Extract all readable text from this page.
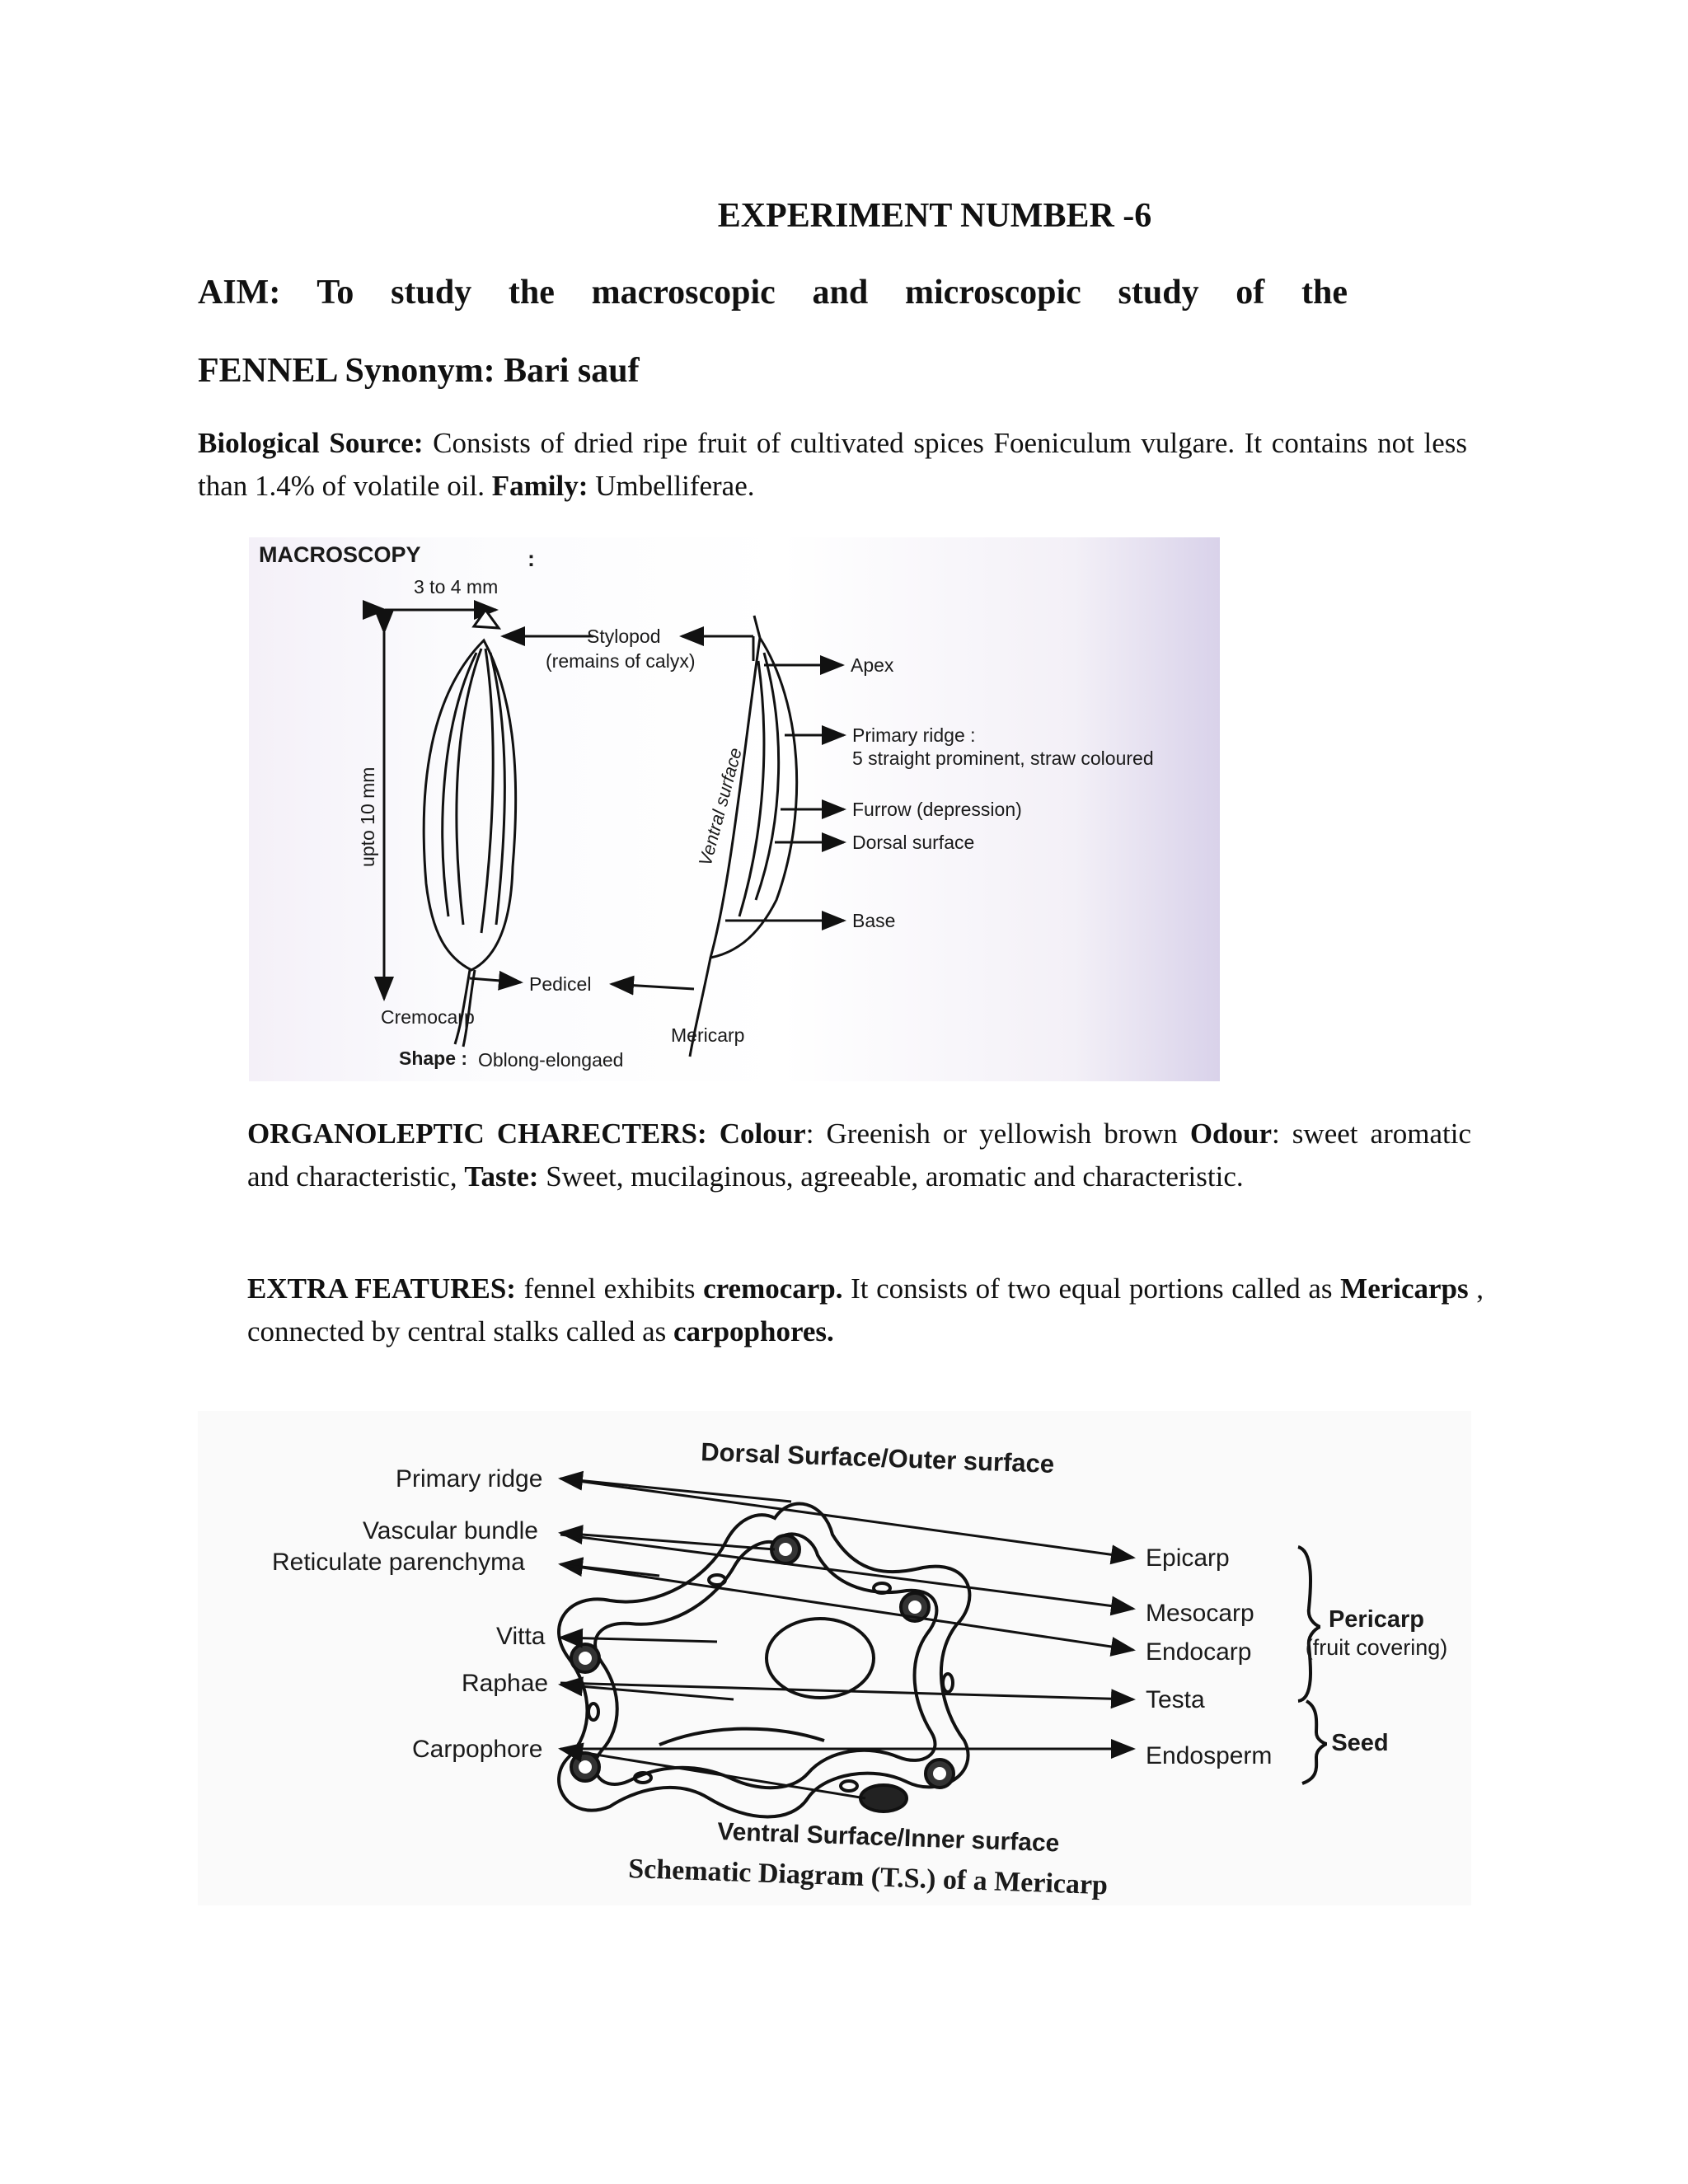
EXPERIMENT NUMBER -6
AIM: To study the macroscopic and microscopic study of the
FENNEL Synonym: Bari sauf
Biological Source: Consists of dried ripe fruit of cultivated spices Foeniculum vulgare. It contains not less than 1.4% of volatile oil. Family: Umbelliferae.
MACROSCOPY	:
3 to 4 mm
upto 10 mm	Ventral surface
Stylopod
(remains of calyx)	Apex
Primary ridge :
5 straight prominent, straw coloured
Furrow (depression)
Dorsal surface
Base
Pedicel
Cremocarp
Mericarp
Shape : Oblong-elongaed
ORGANOLEPTIC CHARECTERS: Colour: Greenish or yellowish brown Odour: sweet aromatic and characteristic, Taste: Sweet, mucilaginous, agreeable, aromatic and characteristic.
EXTRA FEATURES: fennel exhibits cremocarp. It consists of two equal portions called as Mericarps , connected by central stalks called as carpophores.
Dorsal Surface/Outer surface
Primary ridge
Vascular bundle
Reticulate parenchyma
Vitta
Raphae
Carpophore
Epicarp
Mesocarp
Endocarp
Testa
Endosperm
Pericarp
(fruit covering)
Seed
Ventral Surface/Inner surface
Schematic Diagram (T.S.) of a Mericarp
